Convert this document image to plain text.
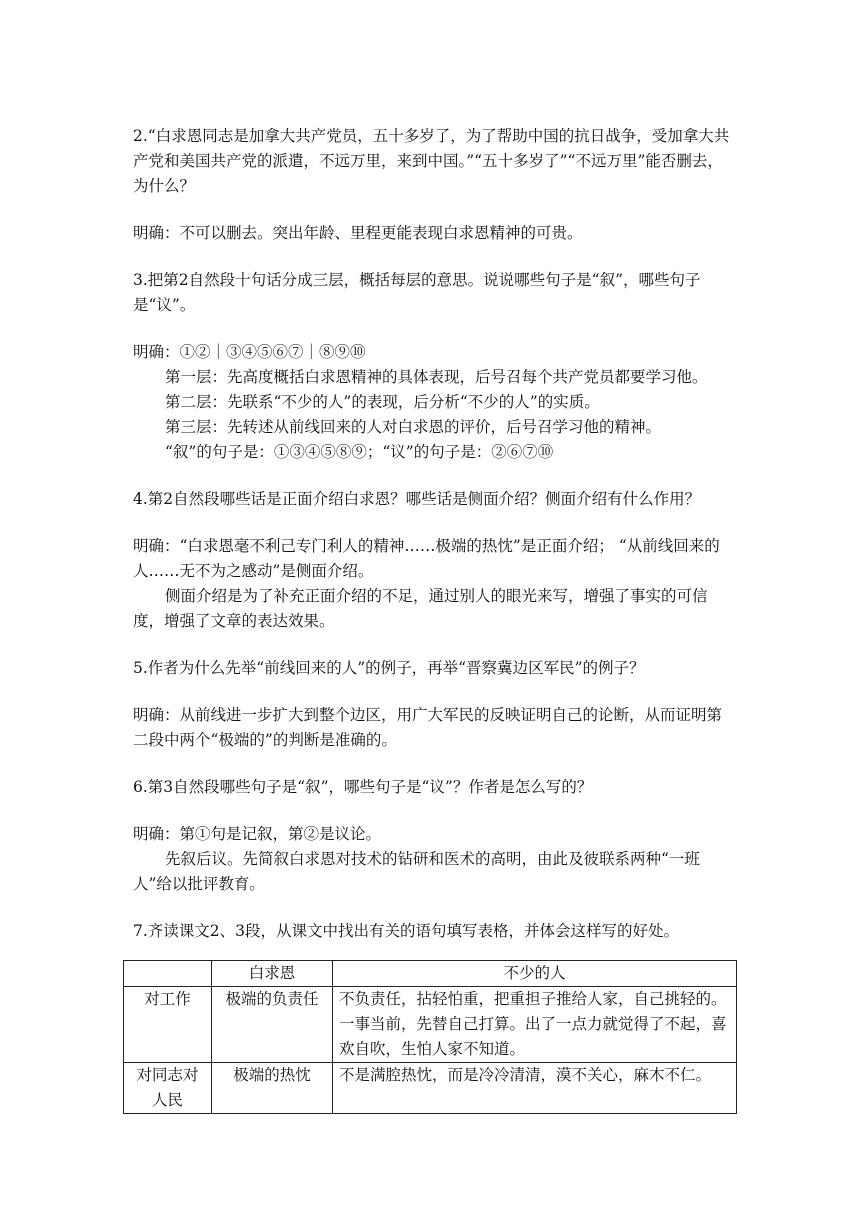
2.“白求恩同志是加拿大共产党员，五十多岁了，为了帮助中国的抗日战争，受加拿大共产党和美国共产党的派遣，不远万里，来到中国。”“五十多岁了”“不远万里”能否删去，为什么？

明确：不可以删去。突出年龄、里程更能表现白求恩精神的可贵。

3.把第2自然段十句话分成三层，概括每层的意思。说说哪些句子是“叙”，哪些句子是“议”。

明确：①②｜③④⑤⑥⑦｜⑧⑨⑩

第一层：先高度概括白求恩精神的具体表现，后号召每个共产党员都要学习他。

第二层：先联系“不少的人”的表现，后分析“不少的人”的实质。

第三层：先转述从前线回来的人对白求恩的评价，后号召学习他的精神。

“叙”的句子是：①③④⑤⑧⑨；“议”的句子是：②⑥⑦⑩

4.第2自然段哪些话是正面介绍白求恩？哪些话是侧面介绍？侧面介绍有什么作用？

明确：“白求恩毫不利己专门利人的精神……极端的热忱”是正面介绍； “从前线回来的人……无不为之感动”是侧面介绍。

侧面介绍是为了补充正面介绍的不足，通过别人的眼光来写，增强了事实的可信度，增强了文章的表达效果。

5.作者为什么先举“前线回来的人”的例子，再举“晋察冀边区军民”的例子？

明确：从前线进一步扩大到整个边区，用广大军民的反映证明自己的论断，从而证明第二段中两个“极端的”的判断是准确的。

6.第3自然段哪些句子是“叙”，哪些句子是“议”？作者是怎么写的？

明确：第①句是记叙，第②是议论。

先叙后议。先简叙白求恩对技术的钻研和医术的高明，由此及彼联系两种“一班人”给以批评教育。

7.齐读课文2、3段，从课文中找出有关的语句填写表格，并体会这样写的好处。

	白求恩	不少的人
对工作	极端的负责任	不负责任，拈轻怕重，把重担子推给人家，自己挑轻的。一事当前，先替自己打算。出了一点力就觉得了不起，喜欢自吹，生怕人家不知道。
对同志对人民	极端的热忱	不是满腔热忱，而是冷冷清清，漠不关心，麻木不仁。
